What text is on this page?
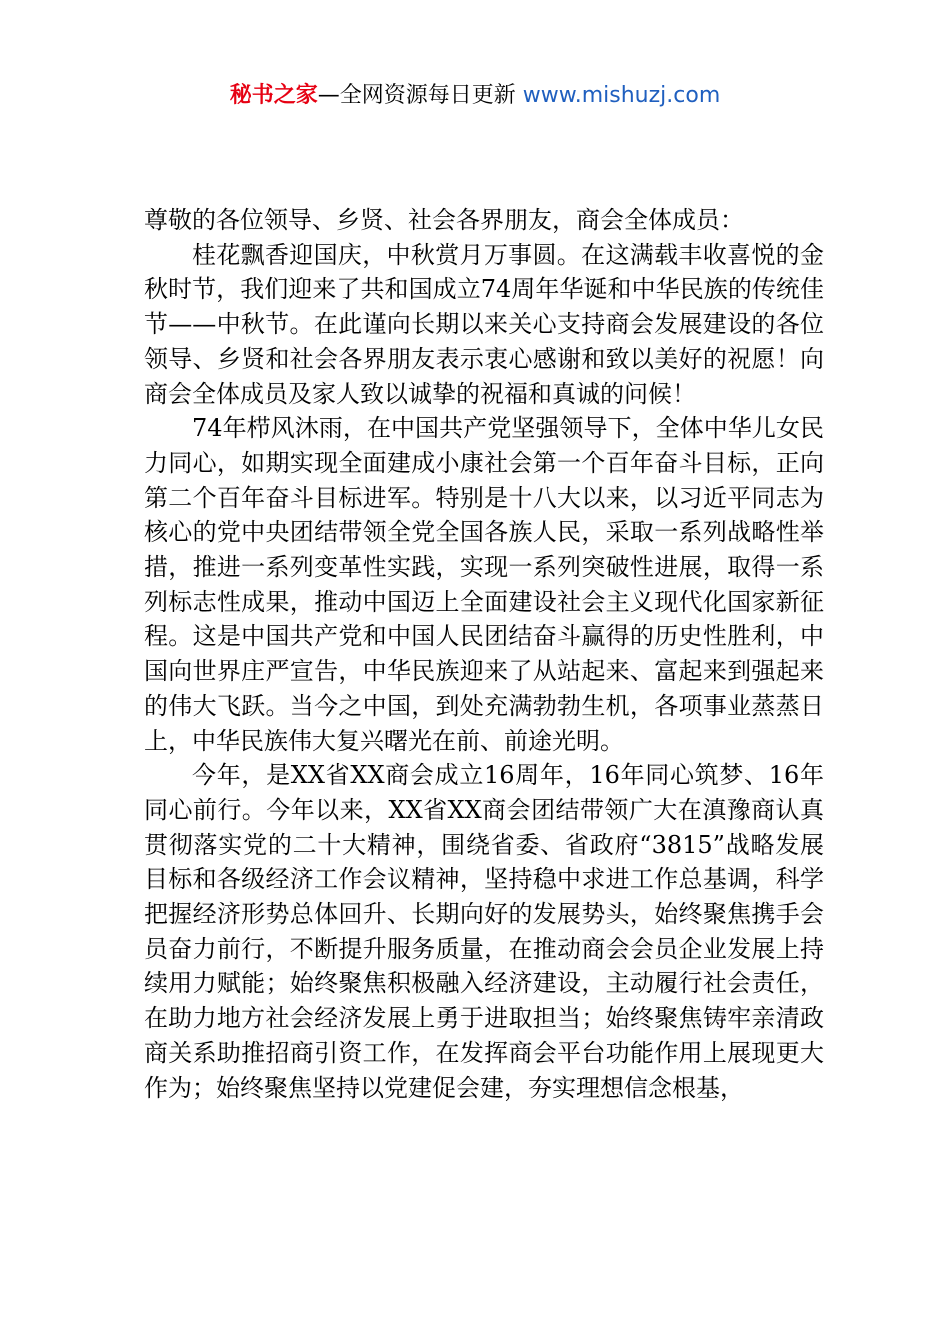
秘书之家—全网资源每日更新 www.mishuzj.com

尊敬的各位领导、乡贤、社会各界朋友，商会全体成员：

桂花飘香迎国庆，中秋赏月万事圆。在这满载丰收喜悦的金秋时节，我们迎来了共和国成立74周年华诞和中华民族的传统佳节——中秋节。在此谨向长期以来关心支持商会发展建设的各位领导、乡贤和社会各界朋友表示衷心感谢和致以美好的祝愿！向商会全体成员及家人致以诚挚的祝福和真诚的问候！

74年栉风沐雨，在中国共产党坚强领导下，全体中华儿女民力同心，如期实现全面建成小康社会第一个百年奋斗目标，正向第二个百年奋斗目标进军。特别是十八大以来，以习近平同志为核心的党中央团结带领全党全国各族人民，采取一系列战略性举措，推进一系列变革性实践，实现一系列突破性进展，取得一系列标志性成果，推动中国迈上全面建设社会主义现代化国家新征程。这是中国共产党和中国人民团结奋斗赢得的历史性胜利，中国向世界庄严宣告，中华民族迎来了从站起来、富起来到强起来的伟大飞跃。当今之中国，到处充满勃勃生机，各项事业蒸蒸日上，中华民族伟大复兴曙光在前、前途光明。

今年，是XX省XX商会成立16周年，16年同心筑梦、16年同心前行。今年以来，XX省XX商会团结带领广大在滇豫商认真贯彻落实党的二十大精神，围绕省委、省政府“3815”战略发展目标和各级经济工作会议精神，坚持稳中求进工作总基调，科学把握经济形势总体回升、长期向好的发展势头，始终聚焦携手会员奋力前行，不断提升服务质量，在推动商会会员企业发展上持续用力赋能；始终聚焦积极融入经济建设，主动履行社会责任，在助力地方社会经济发展上勇于进取担当；始终聚焦铸牢亲清政商关系助推招商引资工作，在发挥商会平台功能作用上展现更大作为；始终聚焦坚持以党建促会建，夯实理想信念根基，
